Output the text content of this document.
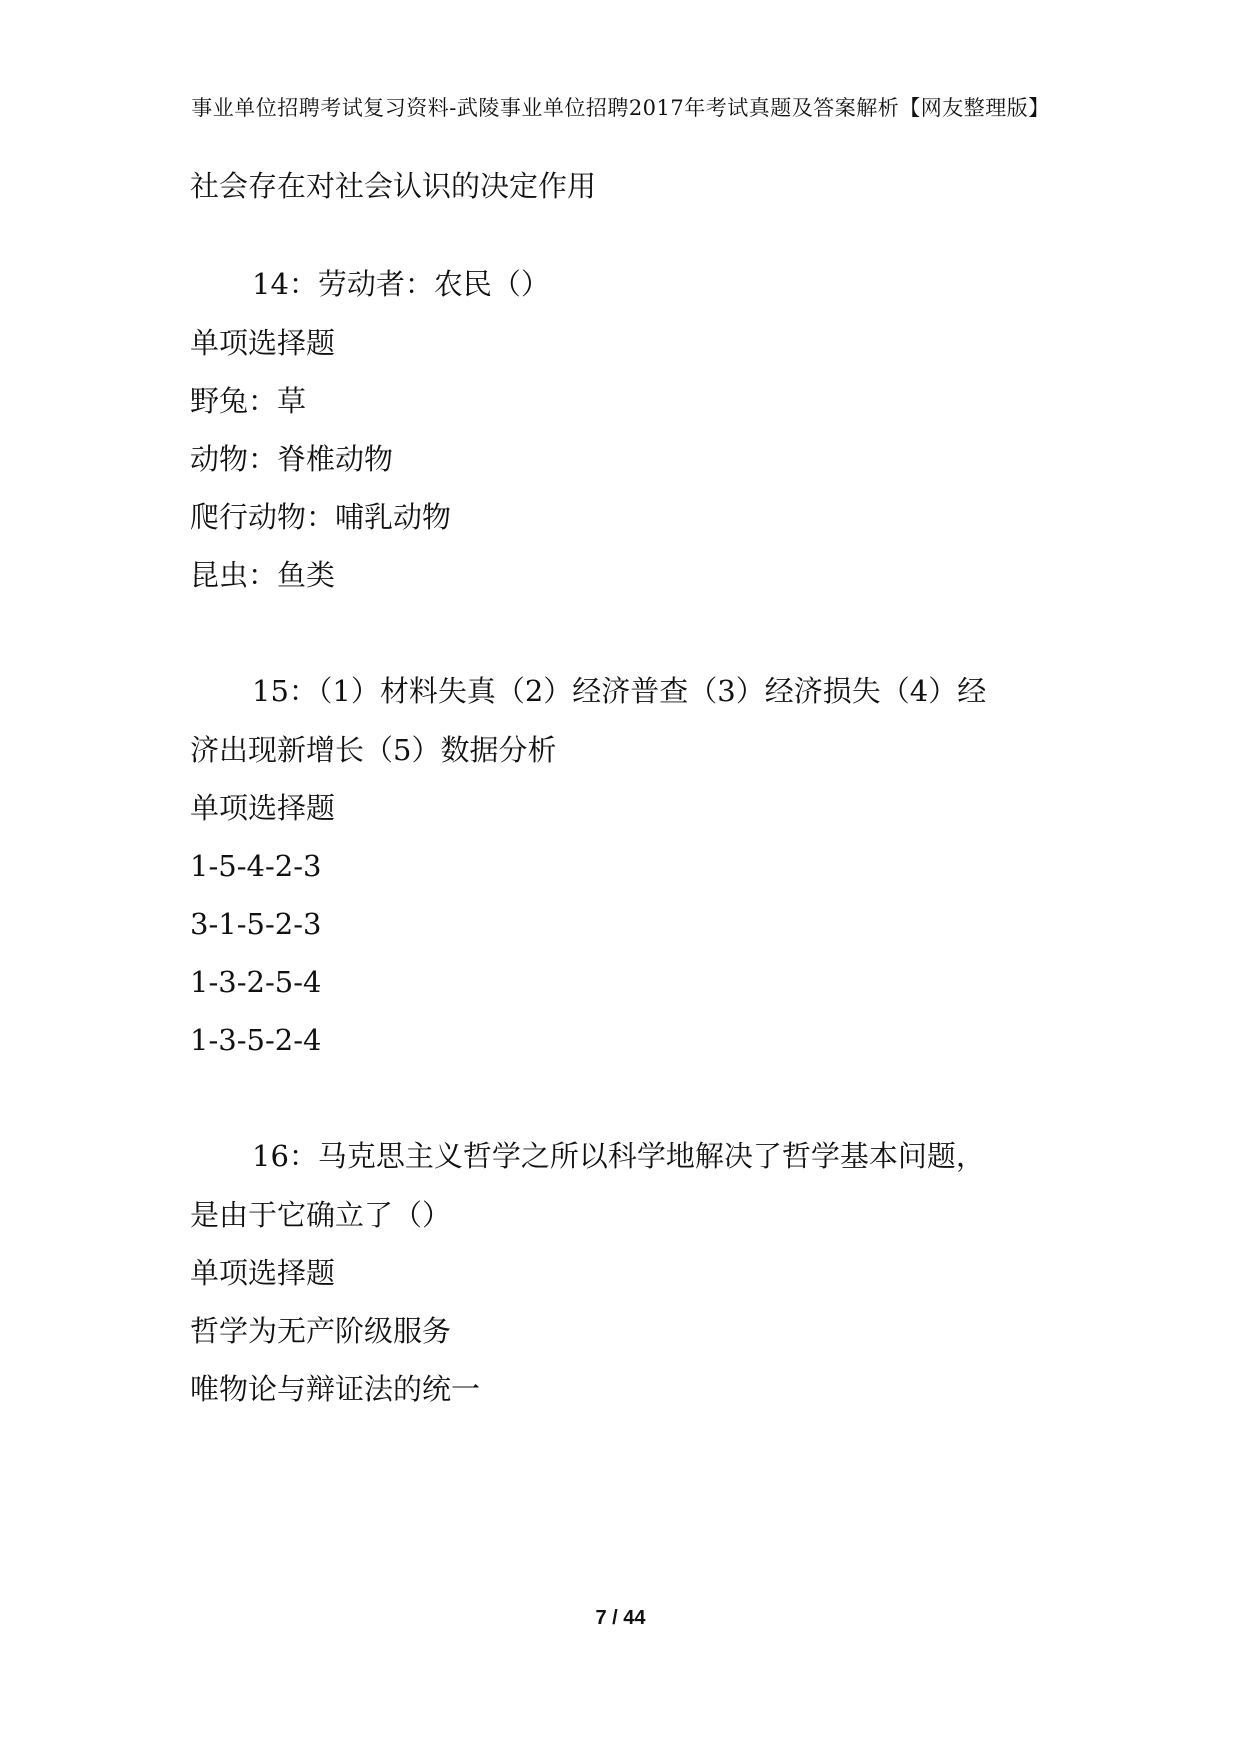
事业单位招聘考试复习资料-武陵事业单位招聘2017年考试真题及答案解析【网友整理版】
社会存在对社会认识的决定作用
14：劳动者：农民（）
单项选择题
野兔：草
动物：脊椎动物
爬行动物：哺乳动物
昆虫：鱼类
15：（1）材料失真（2）经济普查（3）经济损失（4）经
济出现新增长（5）数据分析
单项选择题
1-5-4-2-3
3-1-5-2-3
1-3-2-5-4
1-3-5-2-4
16：马克思主义哲学之所以科学地解决了哲学基本问题，
是由于它确立了（）
单项选择题
哲学为无产阶级服务
唯物论与辩证法的统一
7 / 44
